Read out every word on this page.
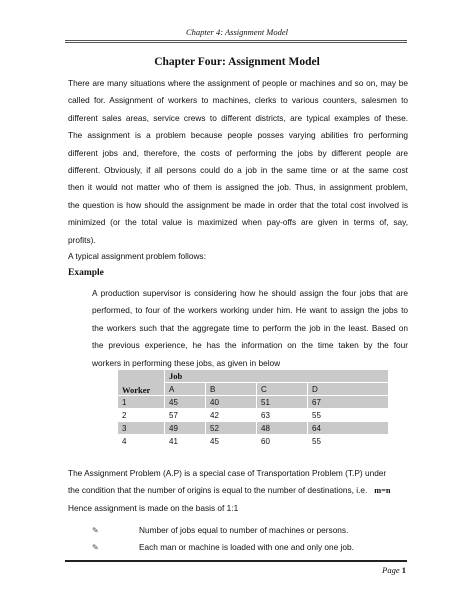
Chapter 4: Assignment Model
Chapter Four: Assignment Model
There are many situations where the assignment of people or machines and so on, may be
called for. Assignment of workers to machines, clerks to various counters, salesmen to
different sales areas, service crews to different districts, are typical examples of these.
The assignment is a problem because people posses varying abilities fro performing
different jobs and, therefore, the costs of performing the jobs by different people are
different. Obviously, if all persons could do a job in the same time or at the same cost
then it would not matter who of them is assigned the job. Thus, in assignment problem,
the question is how should the assignment be made in order that the total cost involved is
minimized (or the total value is maximized when pay-offs are given in terms of, say,
profits).
A typical assignment problem follows:
Example
A production supervisor is considering how he should assign the four jobs that are
performed, to four of the workers working under him. He want to assign the jobs to
the workers such that the aggregate time to perform the job in the least. Based on
the previous experience, he has the information on the time taken by the four
workers in performing these jobs, as given in below
Worker	Job			
	A	B	C	D
1	45	40	51	67
2	57	42	63	55
3	49	52	48	64
4	41	45	60	55
The Assignment Problem (A.P) is a special case of Transportation Problem (T.P) under
the condition that the number of origins is equal to the number of destinations, i.e. m=n
Hence assignment is made on the basis of 1:1
✎	Number of jobs equal to number of machines or persons.
✎	Each man or machine is loaded with one and only one job.
Page 1
